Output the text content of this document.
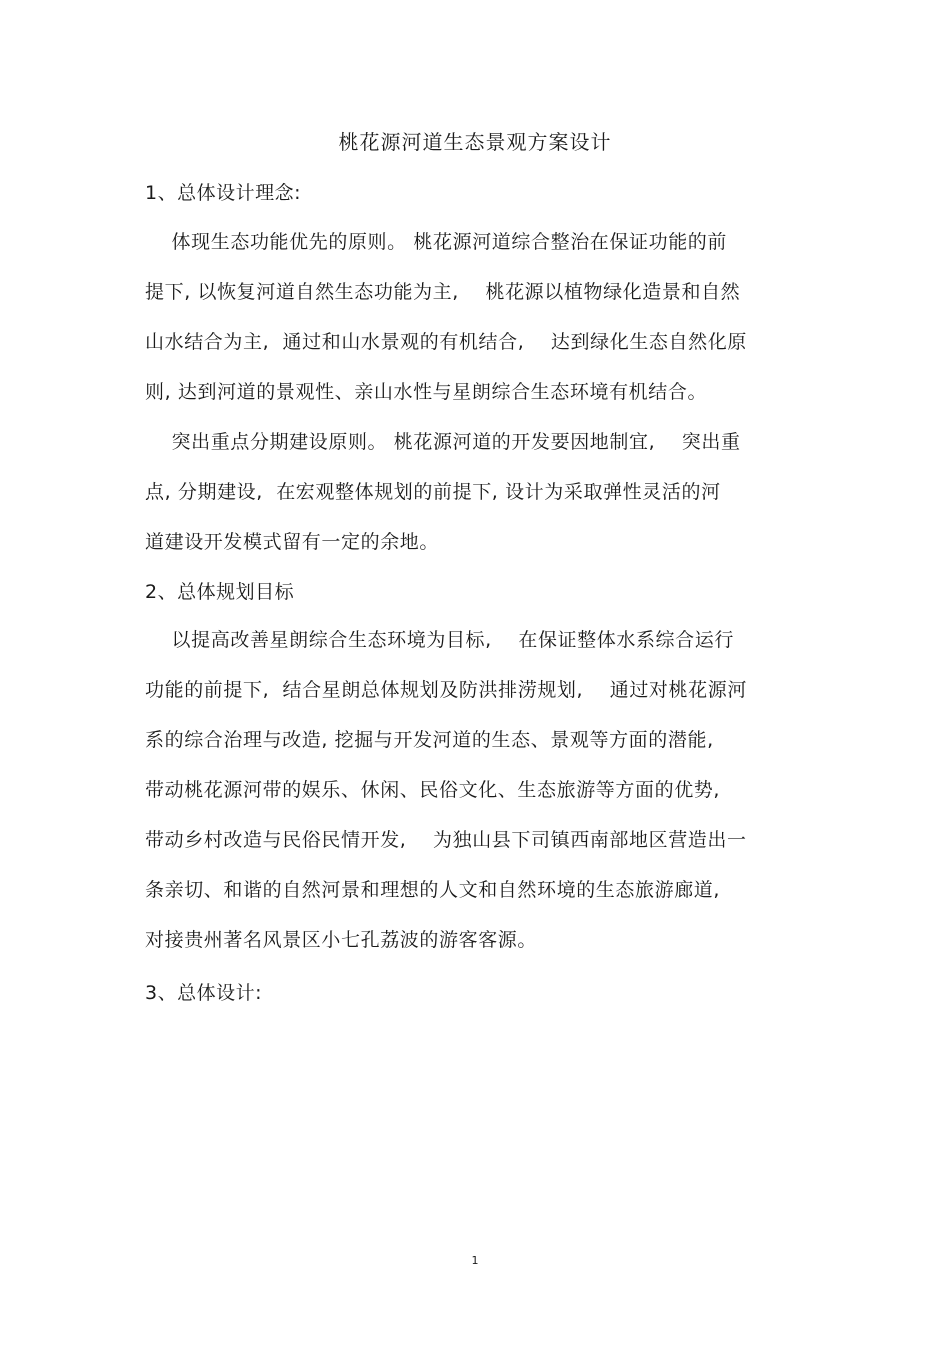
桃花源河道生态景观方案设计
1、总体设计理念:
体现生态功能优先的原则。 桃花源河道综合整治在保证功能的前
提下, 以恢复河道自然生态功能为主,    桃花源以植物绿化造景和自然
山水结合为主,  通过和山水景观的有机结合,    达到绿化生态自然化原
则, 达到河道的景观性、亲山水性与星朗综合生态环境有机结合。
突出重点分期建设原则。 桃花源河道的开发要因地制宜,    突出重
点, 分期建设,  在宏观整体规划的前提下, 设计为采取弹性灵活的河
道建设开发模式留有一定的余地。
2、总体规划目标
以提高改善星朗综合生态环境为目标,    在保证整体水系综合运行
功能的前提下,  结合星朗总体规划及防洪排涝规划,    通过对桃花源河
系的综合治理与改造, 挖掘与开发河道的生态、景观等方面的潜能,
带动桃花源河带的娱乐、休闲、民俗文化、生态旅游等方面的优势,
带动乡村改造与民俗民情开发,    为独山县下司镇西南部地区营造出一
条亲切、和谐的自然河景和理想的人文和自然环境的生态旅游廊道,
对接贵州著名风景区小七孔荔波的游客客源。
3、总体设计:
1
